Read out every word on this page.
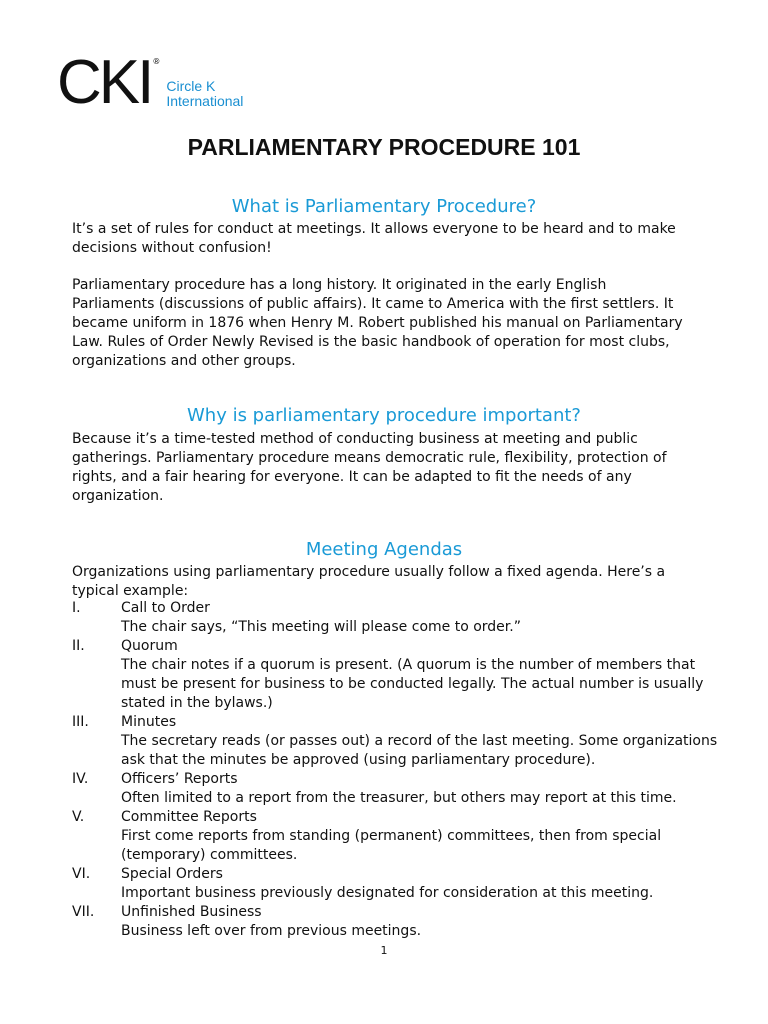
CKI ®
Circle K
International
PARLIAMENTARY PROCEDURE 101
What is Parliamentary Procedure?

It’s a set of rules for conduct at meetings. It allows everyone to be heard and to make decisions without confusion!

Parliamentary procedure has a long history. It originated in the early English Parliaments (discussions of public affairs). It came to America with the first settlers. It became uniform in 1876 when Henry M. Robert published his manual on Parliamentary Law. Rules of Order Newly Revised is the basic handbook of operation for most clubs, organizations and other groups.

Why is parliamentary procedure important?

Because it’s a time-tested method of conducting business at meeting and public gatherings. Parliamentary procedure means democratic rule, flexibility, protection of rights, and a fair hearing for everyone. It can be adapted to fit the needs of any organization.

Meeting Agendas

Organizations using parliamentary procedure usually follow a fixed agenda. Here’s a typical example:

I.	Call to Order
The chair says, “This meeting will please come to order.”
II.	Quorum
The chair notes if a quorum is present. (A quorum is the number of members that must be present for business to be conducted legally. The actual number is usually stated in the bylaws.)
III.	Minutes
The secretary reads (or passes out) a record of the last meeting. Some organizations ask that the minutes be approved (using parliamentary procedure).
IV.	Officers’ Reports
Often limited to a report from the treasurer, but others may report at this time.
V.	Committee Reports
First come reports from standing (permanent) committees, then from special (temporary) committees.
VI.	Special Orders
Important business previously designated for consideration at this meeting.
VII.	Unfinished Business
Business left over from previous meetings.
1
